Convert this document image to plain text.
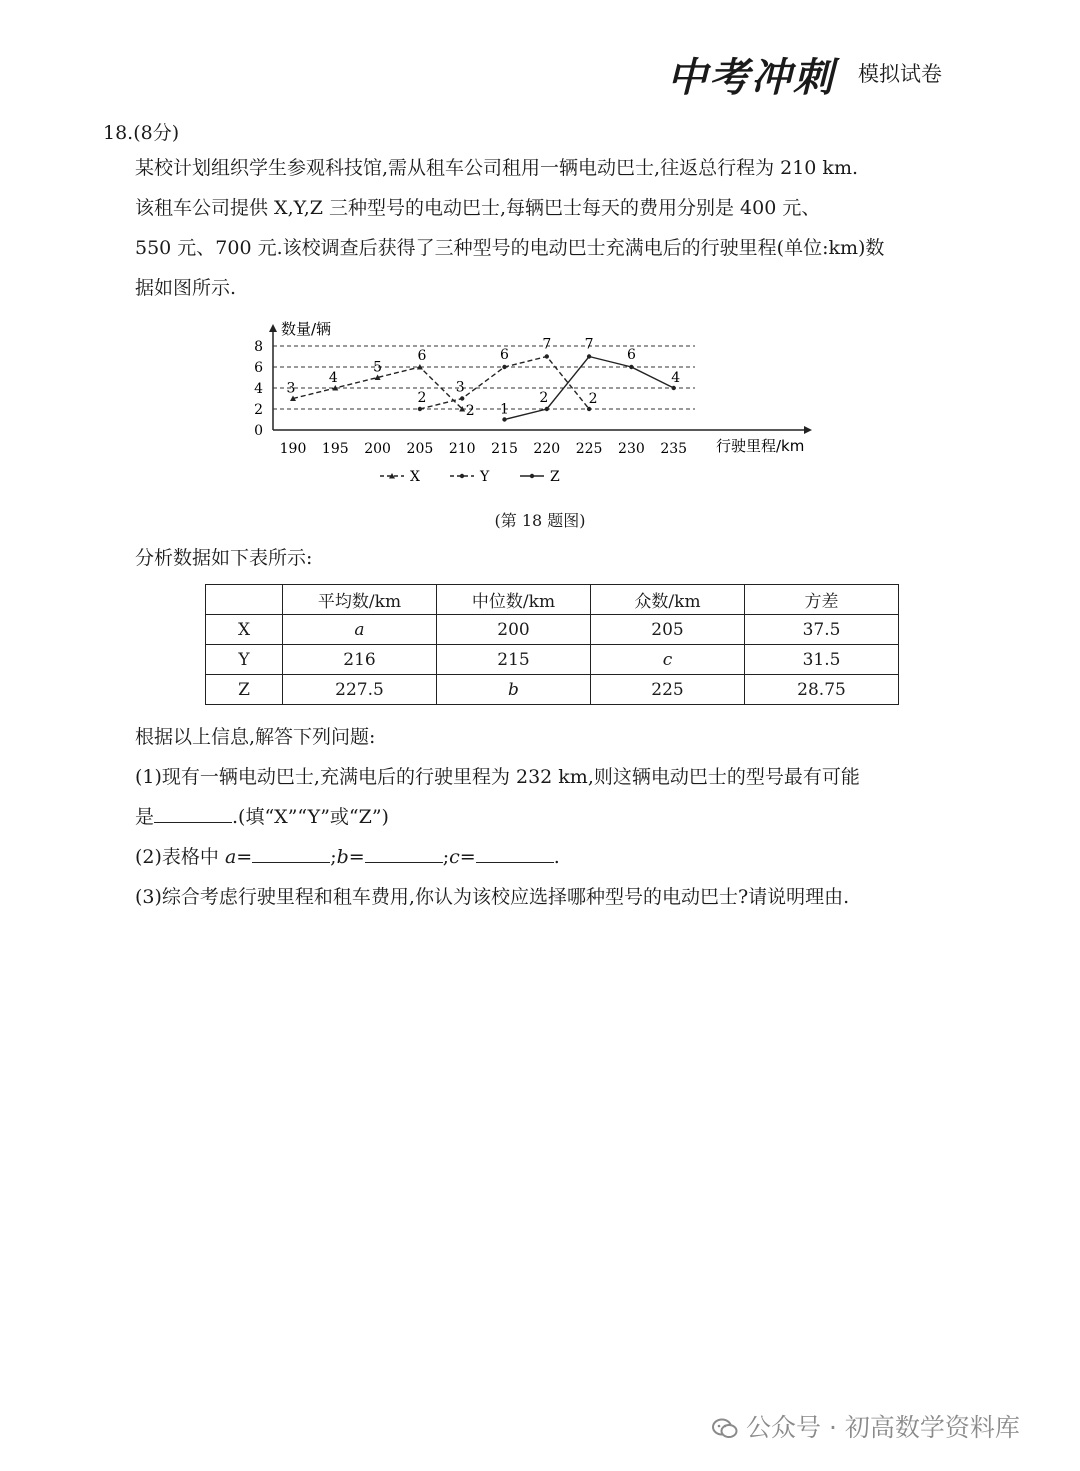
中考冲刺 模拟试卷
18.(8分)
某校计划组织学生参观科技馆,需从租车公司租用一辆电动巴士,往返总行程为 210 km.
该租车公司提供 X,Y,Z 三种型号的电动巴士,每辆巴士每天的费用分别是 400 元、
550 元、700 元.该校调查后获得了三种型号的电动巴士充满电后的行驶里程(单位:km)数
据如图所示.
0
2
4
6
8
190 195 200 205 210 215 220 225 230 235
数量/辆
行驶里程/km
3
4
5
6
2
2
3
6
7
2
1
2
7
6
4
X	Y	Z
(第 18 题图)
分析数据如下表所示:
	平均数/km	中位数/km	众数/km	方差
X	a	200	205	37.5
Y	216	215	c	31.5
Z	227.5	b	225	28.75
根据以上信息,解答下列问题:
(1)现有一辆电动巴士,充满电后的行驶里程为 232 km,则这辆电动巴士的型号最有可能
是	.(填“X”“Y”或“Z”)
(2)表格中 a=	;b=	;c=	.
(3)综合考虑行驶里程和租车费用,你认为该校应选择哪种型号的电动巴士?请说明理由.
公众号 · 初高数学资料库
